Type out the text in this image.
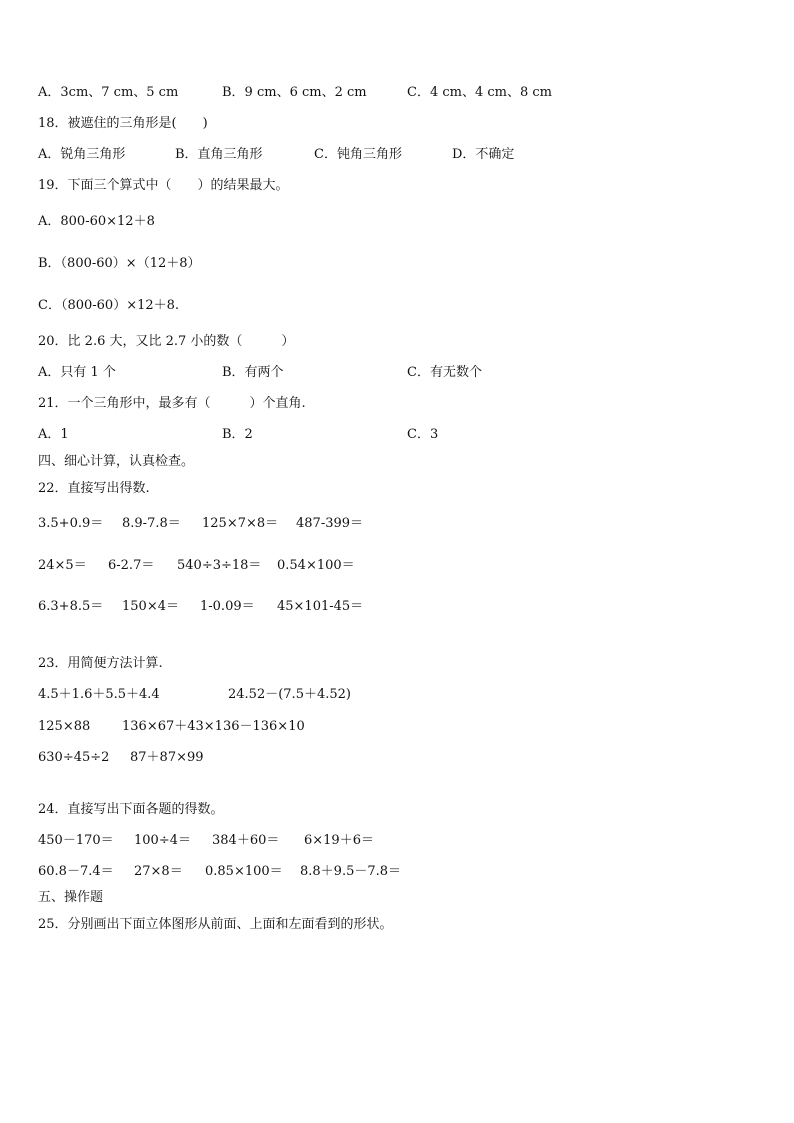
A．3cm、7 cm、5 cm	B．9 cm、6 cm、2 cm	C．4 cm、4 cm、8 cm
18．被遮住的三角形是(　　)
A．锐角三角形	B．直角三角形	C．钝角三角形	D．不确定
19．下面三个算式中（　　）的结果最大。
A．800-60×12＋8
B．（800-60）×（12＋8）
C．（800-60）×12＋8.
20．比 2.6 大，又比 2.7 小的数（　　　）
A．只有 1 个	B．有两个	C．有无数个
21．一个三角形中，最多有（　　　）个直角.
A．1	B．2	C．3
四、细心计算，认真检查。
22．直接写出得数.
3.5+0.9＝ 8.9-7.8＝ 125×7×8＝ 487-399＝
24×5＝ 6-2.7＝ 540÷3÷18＝ 0.54×100＝
6.3+8.5＝ 150×4＝ 1-0.09＝ 45×101-45＝
23．用简便方法计算.
4.5＋1.6＋5.5＋4.4	24.52－(7.5＋4.52)
125×88 136×67＋43×136－136×10
630÷45÷2 87＋87×99
24．直接写出下面各题的得数。
450－170＝ 100÷4＝ 384＋60＝ 6×19＋6＝
60.8－7.4＝ 27×8＝ 0.85×100＝ 8.8＋9.5－7.8＝
五、操作题
25．分别画出下面立体图形从前面、上面和左面看到的形状。
